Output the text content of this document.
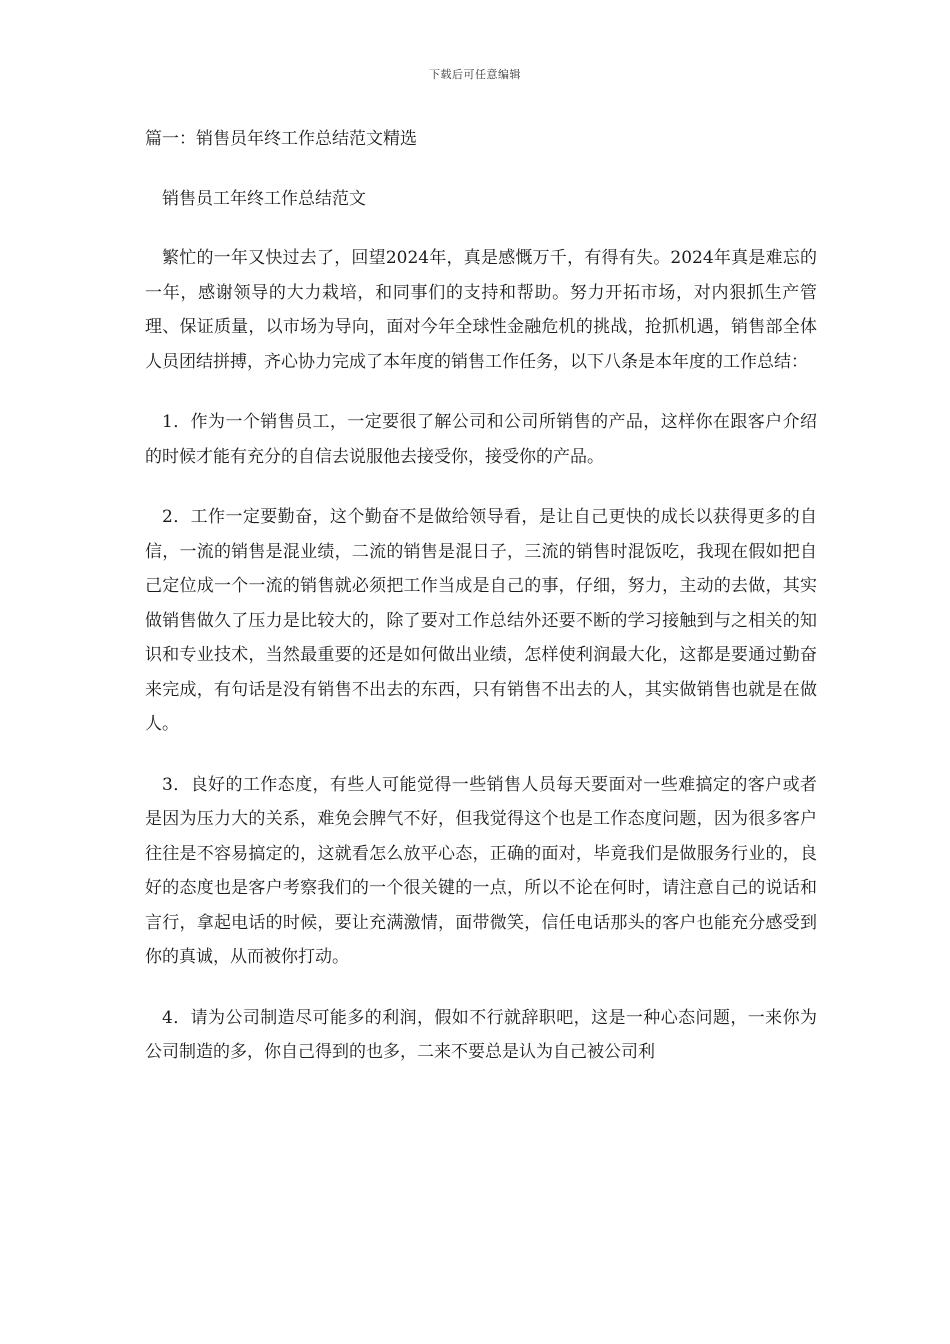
下载后可任意编辑

篇一：销售员年终工作总结范文精选

销售员工年终工作总结范文

繁忙的一年又快过去了，回望2024年，真是感慨万千，有得有失。2024年真是难忘的一年，感谢领导的大力栽培，和同事们的支持和帮助。努力开拓市场，对内狠抓生产管理、保证质量，以市场为导向，面对今年全球性金融危机的挑战，抢抓机遇，销售部全体人员团结拼搏，齐心协力完成了本年度的销售工作任务，以下八条是本年度的工作总结：

1．作为一个销售员工，一定要很了解公司和公司所销售的产品，这样你在跟客户介绍的时候才能有充分的自信去说服他去接受你，接受你的产品。

2．工作一定要勤奋，这个勤奋不是做给领导看，是让自己更快的成长以获得更多的自信，一流的销售是混业绩，二流的销售是混日子，三流的销售时混饭吃，我现在假如把自己定位成一个一流的销售就必须把工作当成是自己的事，仔细，努力，主动的去做，其实做销售做久了压力是比较大的，除了要对工作总结外还要不断的学习接触到与之相关的知识和专业技术，当然最重要的还是如何做出业绩，怎样使利润最大化，这都是要通过勤奋来完成，有句话是没有销售不出去的东西，只有销售不出去的人，其实做销售也就是在做人。

3．良好的工作态度，有些人可能觉得一些销售人员每天要面对一些难搞定的客户或者是因为压力大的关系，难免会脾气不好，但我觉得这个也是工作态度问题，因为很多客户往往是不容易搞定的，这就看怎么放平心态，正确的面对，毕竟我们是做服务行业的，良好的态度也是客户考察我们的一个很关键的一点，所以不论在何时，请注意自己的说话和言行，拿起电话的时候，要让充满激情，面带微笑，信任电话那头的客户也能充分感受到你的真诚，从而被你打动。

4．请为公司制造尽可能多的利润，假如不行就辞职吧，这是一种心态问题，一来你为公司制造的多，你自己得到的也多，二来不要总是认为自己被公司利
